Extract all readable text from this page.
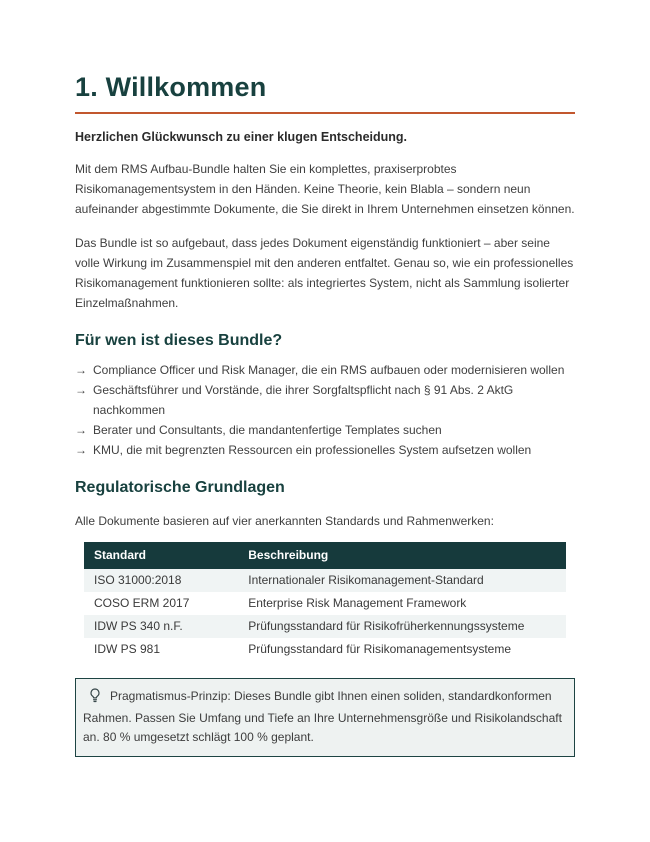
1. Willkommen

Herzlichen Glückwunsch zu einer klugen Entscheidung.

Mit dem RMS Aufbau-Bundle halten Sie ein komplettes, praxiserprobtes Risikomanagementsystem in den Händen. Keine Theorie, kein Blabla – sondern neun aufeinander abgestimmte Dokumente, die Sie direkt in Ihrem Unternehmen einsetzen können.

Das Bundle ist so aufgebaut, dass jedes Dokument eigenständig funktioniert – aber seine volle Wirkung im Zusammenspiel mit den anderen entfaltet. Genau so, wie ein professionelles Risikomanagement funktionieren sollte: als integriertes System, nicht als Sammlung isolierter Einzelmaßnahmen.

Für wen ist dieses Bundle?
→ Compliance Officer und Risk Manager, die ein RMS aufbauen oder modernisieren wollen
→ Geschäftsführer und Vorstände, die ihrer Sorgfaltspflicht nach § 91 Abs. 2 AktG nachkommen
→ Berater und Consultants, die mandantenfertige Templates suchen
→ KMU, die mit begrenzten Ressourcen ein professionelles System aufsetzen wollen
Regulatorische Grundlagen

Alle Dokumente basieren auf vier anerkannten Standards und Rahmenwerken:

Standard	Beschreibung
ISO 31000:2018	Internationaler Risikomanagement-Standard
COSO ERM 2017	Enterprise Risk Management Framework
IDW PS 340 n.F.	Prüfungsstandard für Risikofrüherkennungssysteme
IDW PS 981	Prüfungsstandard für Risikomanagementsysteme
Pragmatismus-Prinzip: Dieses Bundle gibt Ihnen einen soliden, standardkonformen Rahmen. Passen Sie Umfang und Tiefe an Ihre Unternehmensgröße und Risikolandschaft an. 80 % umgesetzt schlägt 100 % geplant.
